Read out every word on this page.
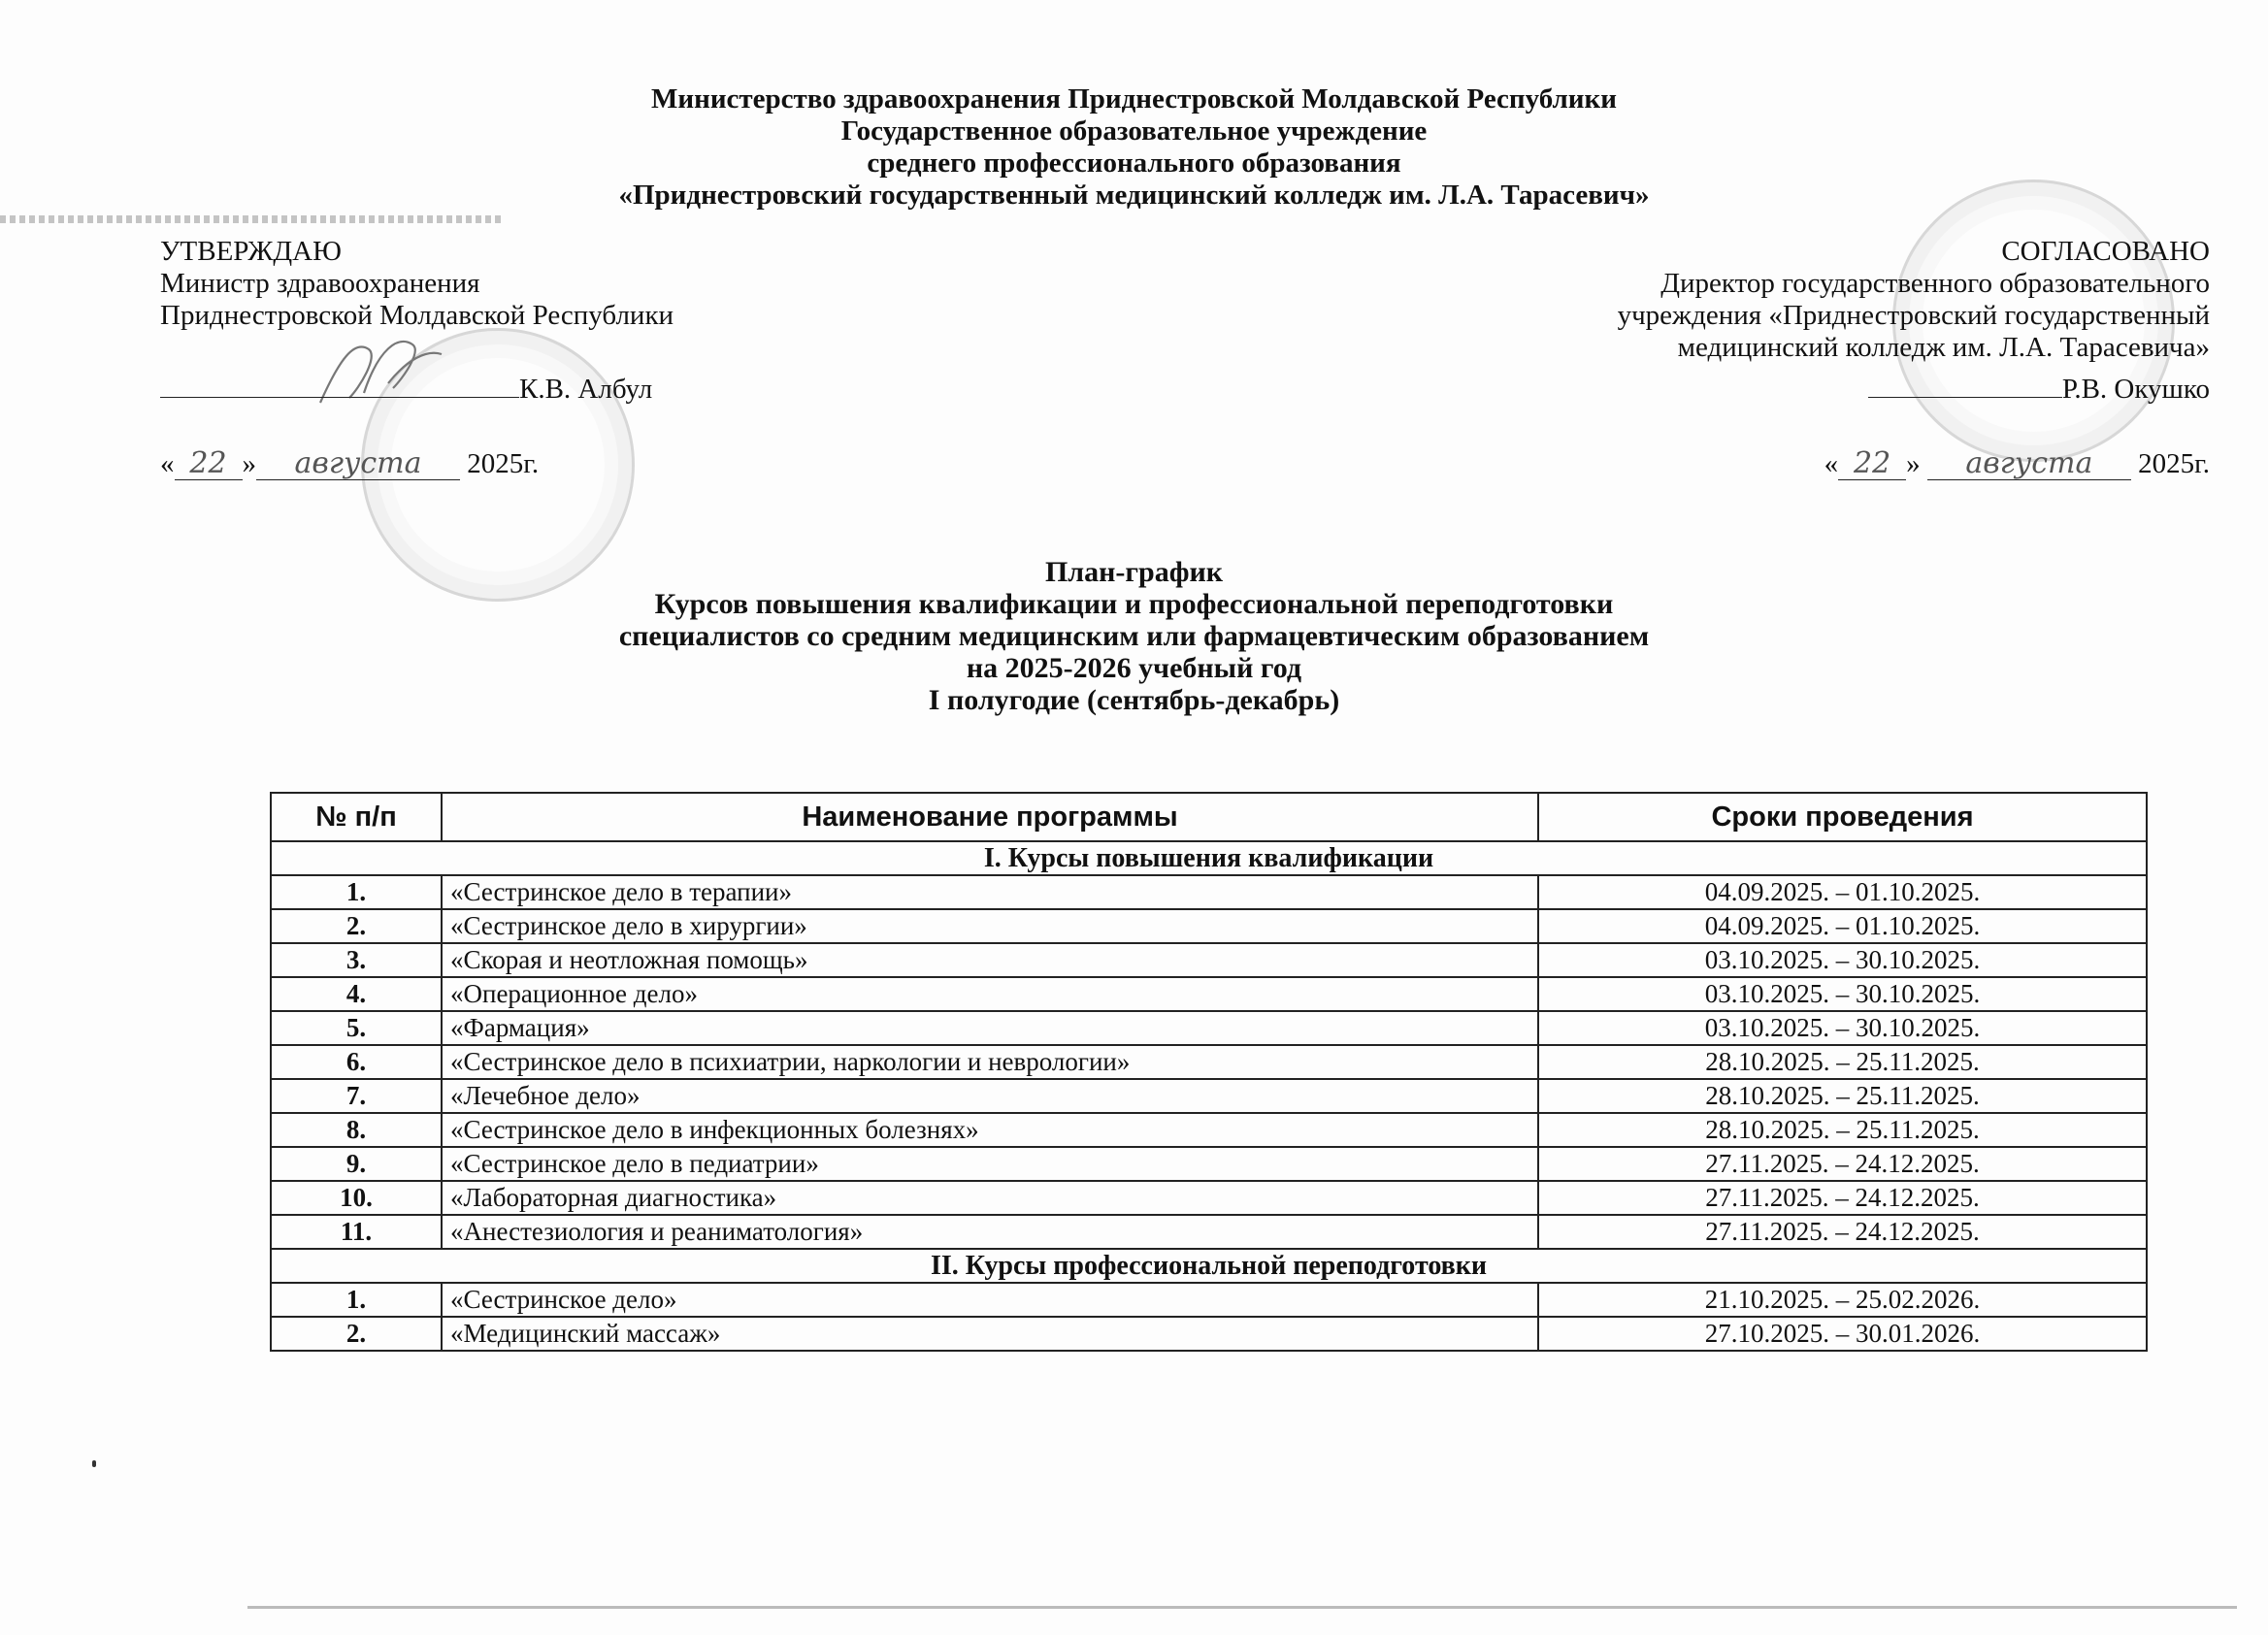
Министерство здравоохранения Приднестровской Молдавской Республики
Государственное образовательное учреждение
среднего профессионального образования
«Приднестровский государственный медицинский колледж им. Л.А. Тарасевич»
УТВЕРЖДАЮ
Министр здравоохранения
Приднестровской Молдавской Республики
К.В. Албул
« 22 » августа 2025г.
СОГЛАСОВАНО
Директор государственного образовательного
учреждения «Приднестровский государственный
медицинский колледж им. Л.А. Тарасевича»
Р.В. Окушко
« 22 » августа 2025г.
План-график
Курсов повышения квалификации и профессиональной переподготовки
специалистов со средним медицинским или фармацевтическим образованием
на 2025-2026 учебный год
I полугодие (сентябрь-декабрь)
№ п/п	Наименование программы	Сроки проведения
I. Курсы повышения квалификации		
1.	«Сестринское дело в терапии»	04.09.2025. – 01.10.2025.
2.	«Сестринское дело в хирургии»	04.09.2025. – 01.10.2025.
3.	«Скорая и неотложная помощь»	03.10.2025. – 30.10.2025.
4.	«Операционное дело»	03.10.2025. – 30.10.2025.
5.	«Фармация»	03.10.2025. – 30.10.2025.
6.	«Сестринское дело в психиатрии, наркологии и неврологии»	28.10.2025. – 25.11.2025.
7.	«Лечебное дело»	28.10.2025. – 25.11.2025.
8.	«Сестринское дело в инфекционных болезнях»	28.10.2025. – 25.11.2025.
9.	«Сестринское дело в педиатрии»	27.11.2025. – 24.12.2025.
10.	«Лабораторная диагностика»	27.11.2025. – 24.12.2025.
11.	«Анестезиология и реаниматология»	27.11.2025. – 24.12.2025.
II. Курсы профессиональной переподготовки		
1.	«Сестринское дело»	21.10.2025. – 25.02.2026.
2.	«Медицинский массаж»	27.10.2025. – 30.01.2026.
